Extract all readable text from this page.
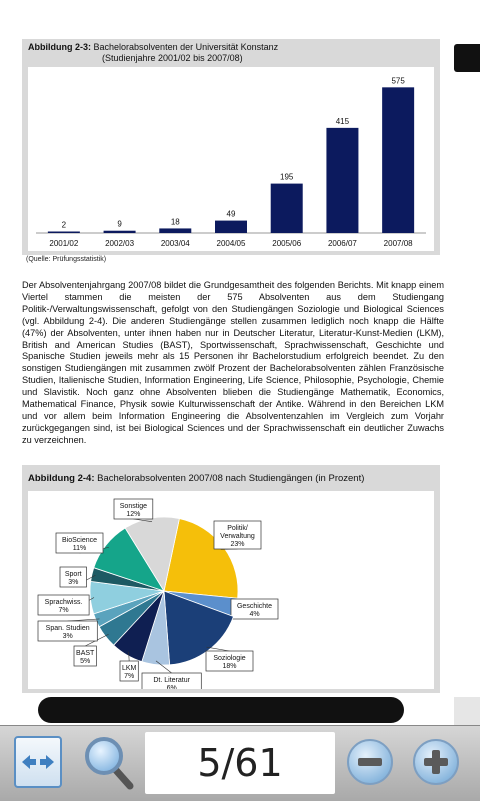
Abbildung 2-3: Bachelorabsolventen der Universität Konstanz
(Studienjahre 2001/02 bis 2007/08)
2
2001/02
9
2002/03
18
2003/04
49
2004/05
195
2005/06
415
2006/07
575
2007/08
(Quelle: Prüfungsstatistik)
Der Absolventenjahrgang 2007/08 bildet die Grundgesamtheit des folgenden Berichts. Mit knapp einem Viertel stammen die meisten der 575 Absolventen aus dem Studiengang Politik-/Verwaltungswissenschaft, gefolgt von den Studiengängen Soziologie und Biological Sciences (vgl. Abbildung 2-4). Die anderen Studiengänge stellen zusammen lediglich noch knapp die Hälfte (47%) der Absolventen, unter ihnen haben nur in Deutscher Literatur, Literatur-Kunst-Medien (LKM), British and American Studies (BAST), Sportwissenschaft, Sprachwissenschaft, Geschichte und Spanische Studien jeweils mehr als 15 Personen ihr Bachelorstudium erfolgreich beendet. Zu den sonstigen Studiengängen mit zusammen zwölf Prozent der Bachelorabsolventen zählen Französische Studien, Italienische Studien, Information Engineering, Life Science, Philosophie, Psychologie, Chemie und Slavistik. Noch ganz ohne Absolventen blieben die Studiengänge Mathematik, Economics, Mathematical Finance, Physik sowie Kulturwissenschaft der Antike. Während in den Bereichen LKM und vor allem beim Information Engineering die Absolventenzahlen im Vergleich zum Vorjahr zurückgegangen sind, ist bei Biological Sciences und der Sprachwissenschaft ein deutlicher Zuwachs zu verzeichnen.
Abbildung 2-4: Bachelorabsolventen 2007/08 nach Studiengängen (in Prozent)
Politik/ Verwaltung 23%
Geschichte 4%
Soziologie 18%
Dt. Literatur 6%
LKM 7%
BAST 5%
Span. Studien 3%
Sprachwiss. 7%
Sport 3%
BioScience 11%
Sonstige 12%
5/61
